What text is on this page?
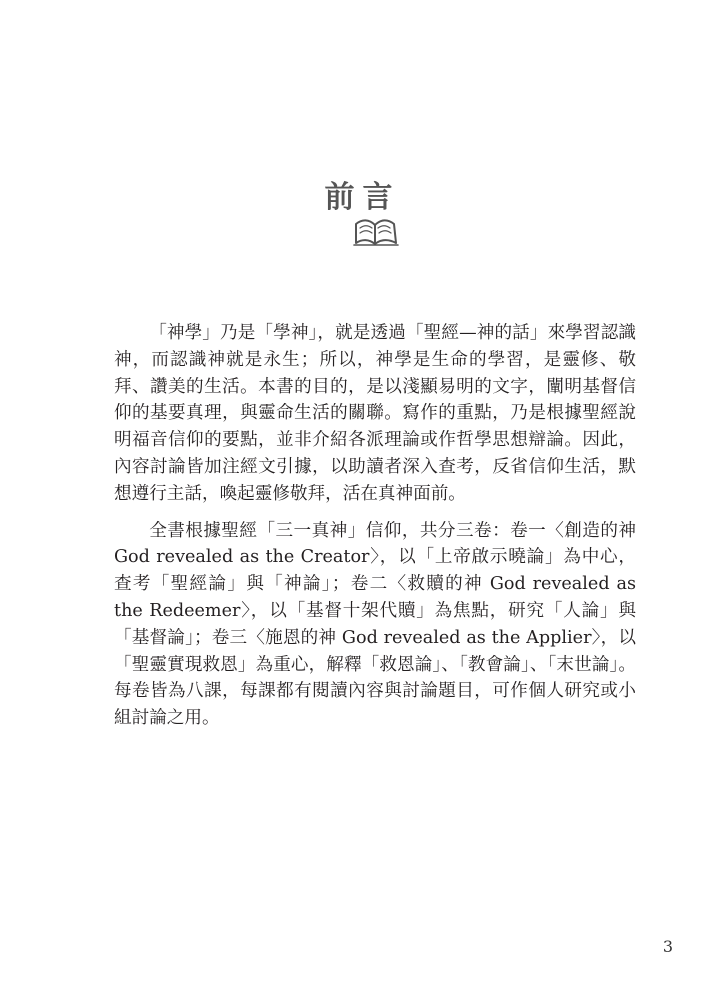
前言

「神學」乃是「學神」，就是透過「聖經—神的話」來學習認識神，而認識神就是永生；所以，神學是生命的學習，是靈修、敬拜、讚美的生活。本書的目的，是以淺顯易明的文字，闡明基督信仰的基要真理，與靈命生活的關聯。寫作的重點，乃是根據聖經說明福音信仰的要點，並非介紹各派理論或作哲學思想辯論。因此，內容討論皆加注經文引據，以助讀者深入查考，反省信仰生活，默想遵行主話，喚起靈修敬拜，活在真神面前。

全書根據聖經「三一真神」信仰，共分三卷：卷一〈創造的神 God revealed as the Creator〉，以「上帝啟示曉論」為中心，查考「聖經論」與「神論」；卷二〈救贖的神 God revealed as the Redeemer〉，以「基督十架代贖」為焦點，研究「人論」與「基督論」；卷三〈施恩的神 God revealed as the Applier〉，以「聖靈實現救恩」為重心，解釋「救恩論」、「教會論」、「末世論」。每卷皆為八課，每課都有閱讀內容與討論題目，可作個人研究或小組討論之用。

3
